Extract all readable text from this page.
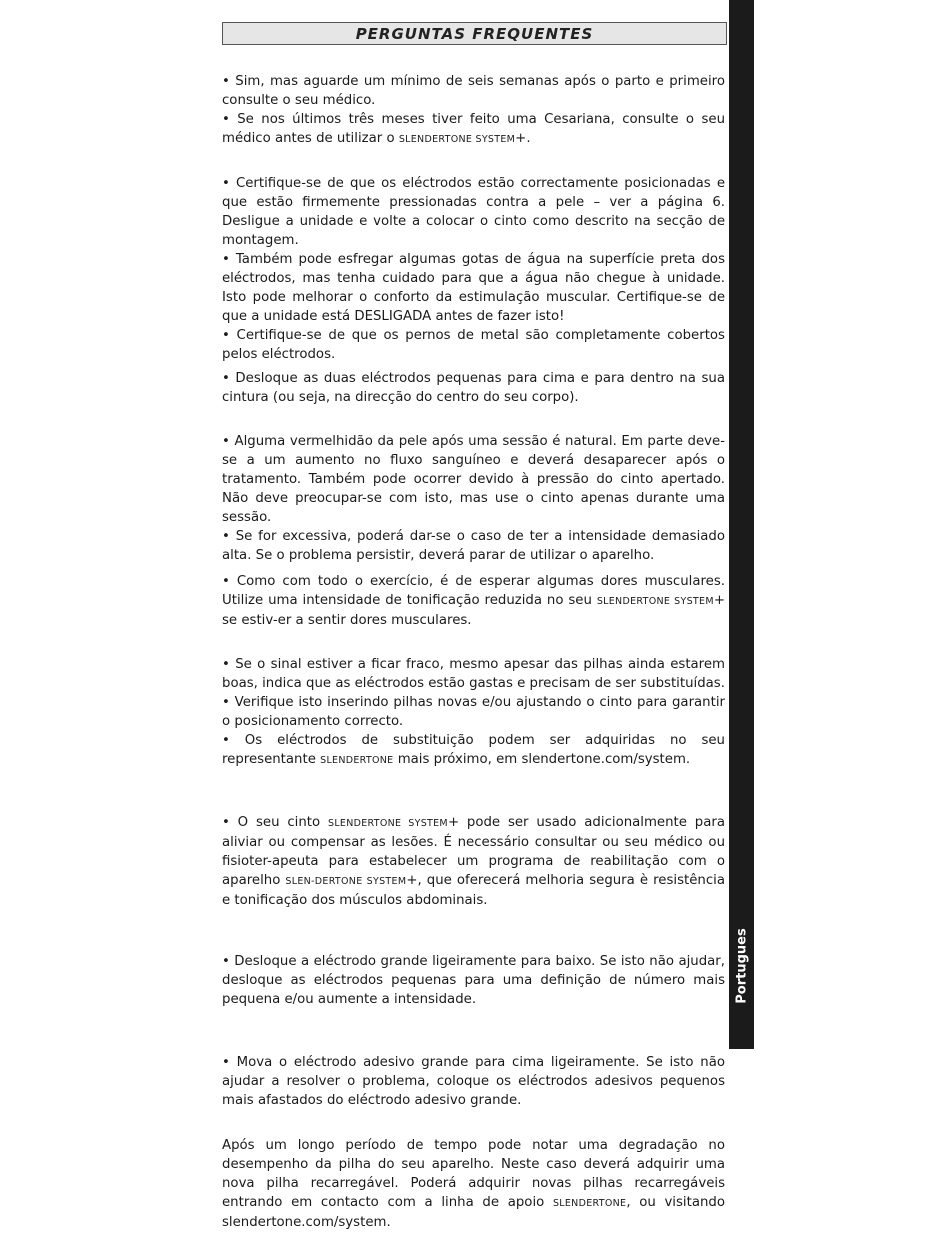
PERGUNTAS FREQUENTES
Portugues

• Sim, mas aguarde um mínimo de seis semanas após o parto e primeiro consulte o seu médico.

• Se nos últimos três meses tiver feito uma Cesariana, consulte o seu médico antes de utilizar o SLENDERTONE SYSTEM+.

• Certifique-se de que os eléctrodos estão correctamente posicionadas e que estão firmemente pressionadas contra a pele – ver a página 6. Desligue a unidade e volte a colocar o cinto como descrito na secção de montagem.

• Também pode esfregar algumas gotas de água na superfície preta dos eléctrodos, mas tenha cuidado para que a água não chegue à unidade. Isto pode melhorar o conforto da estimulação muscular. Certifique-se de que a unidade está DESLIGADA antes de fazer isto!

• Certifique-se de que os pernos de metal são completamente cobertos pelos eléctrodos.

• Desloque as duas eléctrodos pequenas para cima e para dentro na sua cintura (ou seja, na direcção do centro do seu corpo).

• Alguma vermelhidão da pele após uma sessão é natural. Em parte deve-se a um aumento no fluxo sanguíneo e deverá desaparecer após o tratamento. Também pode ocorrer devido à pressão do cinto apertado. Não deve preocupar-se com isto, mas use o cinto apenas durante uma sessão.

• Se for excessiva, poderá dar-se o caso de ter a intensidade demasiado alta. Se o problema persistir, deverá parar de utilizar o aparelho.

• Como com todo o exercício, é de esperar algumas dores musculares. Utilize uma intensidade de tonificação reduzida no seu SLENDERTONE SYSTEM+ se estiv-er a sentir dores musculares.

• Se o sinal estiver a ficar fraco, mesmo apesar das pilhas ainda estarem boas, indica que as eléctrodos estão gastas e precisam de ser substituídas.

• Verifique isto inserindo pilhas novas e/ou ajustando o cinto para garantir o posicionamento correcto.

• Os eléctrodos de substituição podem ser adquiridas no seu representante SLENDERTONE mais próximo, em slendertone.com/system.

• O seu cinto SLENDERTONE SYSTEM+ pode ser usado adicionalmente para aliviar ou compensar as lesões. É necessário consultar ou seu médico ou fisioter-apeuta para estabelecer um programa de reabilitação com o aparelho SLEN-DERTONE SYSTEM+, que oferecerá melhoria segura è resistência e tonificação dos músculos abdominais.

• Desloque a eléctrodo grande ligeiramente para baixo. Se isto não ajudar, desloque as eléctrodos pequenas para uma definição de número mais pequena e/ou aumente a intensidade.

• Mova o eléctrodo adesivo grande para cima ligeiramente. Se isto não ajudar a resolver o problema, coloque os eléctrodos adesivos pequenos mais afastados do eléctrodo adesivo grande.

Após um longo período de tempo pode notar uma degradação no desempenho da pilha do seu aparelho. Neste caso deverá adquirir uma nova pilha recarregável. Poderá adquirir novas pilhas recarregáveis entrando em contacto com a linha de apoio SLENDERTONE, ou visitando slendertone.com/system.
